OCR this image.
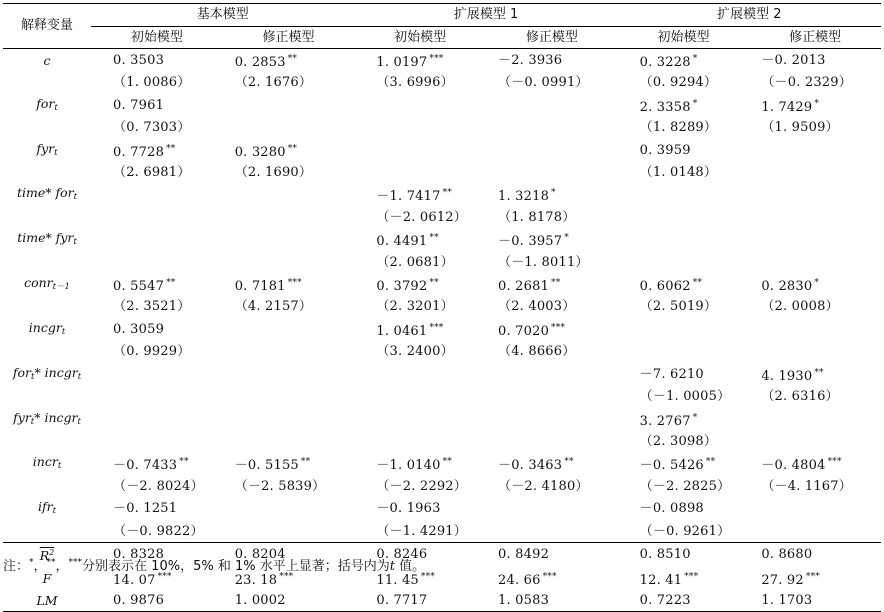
解释变量	基本模型		扩展模型 1		扩展模型 2	
	初始模型	修正模型	初始模型	修正模型	初始模型	修正模型
c	0. 3503	0. 2853 **	1. 0197 ***	－2. 3936	0. 3228 *	－0. 2013
	（1. 0086）	（2. 1676）	（3. 6996）	（－0. 0991）	（0. 9294）	（－0. 2329）
for$_t$	0. 7961				2. 3358 *	1. 7429 *
	（0. 7303）				（1. 8289）	（1. 9509）
fyr$_t$	0. 7728 **	0. 3280 **			0. 3959	
	（2. 6981）	（2. 1690）			（1. 0148）	
time* for$_t$			－1. 7417 **	1. 3218 *		
			（－2. 0612）	（1. 8178）		
time* fyr$_t$			0. 4491 **	－0. 3957 *		
			（2. 0681）	（－1. 8011）		
conr$_{t-1}$	0. 5547 **	0. 7181 ***	0. 3792 **	0. 2681 **	0. 6062 **	0. 2830 *
	（2. 3521）	（4. 2157）	（2. 3201）	（2. 4003）	（2. 5019）	（2. 0008）
incgr$_t$	0. 3059		1. 0461 ***	0. 7020 ***		
	（0. 9929）		（3. 2400）	（4. 8666）		
for$_t$* incgr$_t$					－7. 6210	4. 1930 **
					（－1. 0005）	（2. 6316）
fyr$_t$* incgr$_t$					3. 2767 *	
					（2. 3098）	
incr$_t$	－0. 7433 **	－0. 5155 **	－1. 0140 **	－0. 3463 **	－0. 5426 **	－0. 4804 ***
	（－2. 8024）	（－2. 5839）	（－2. 2292）	（－2. 4180）	（－2. 2825）	（－4. 1167）
ifr$_t$	－0. 1251		－0. 1963		－0. 0898	
	（－0. 9822）		（－1. 4291）		（－0. 9261）	
$R^2$	0. 8328	0. 8204	0. 8246	0. 8492	0. 8510	0. 8680
F	14. 07 ***	23. 18 ***	11. 45 ***	24. 66 ***	12. 41 ***	27. 92 ***
LM	0. 9876	1. 0002	0. 7717	1. 0583	0. 7223	1. 1703
注：*，**，***分别表示在 10%，5% 和 1% 水平上显著；括号内为t 值。
